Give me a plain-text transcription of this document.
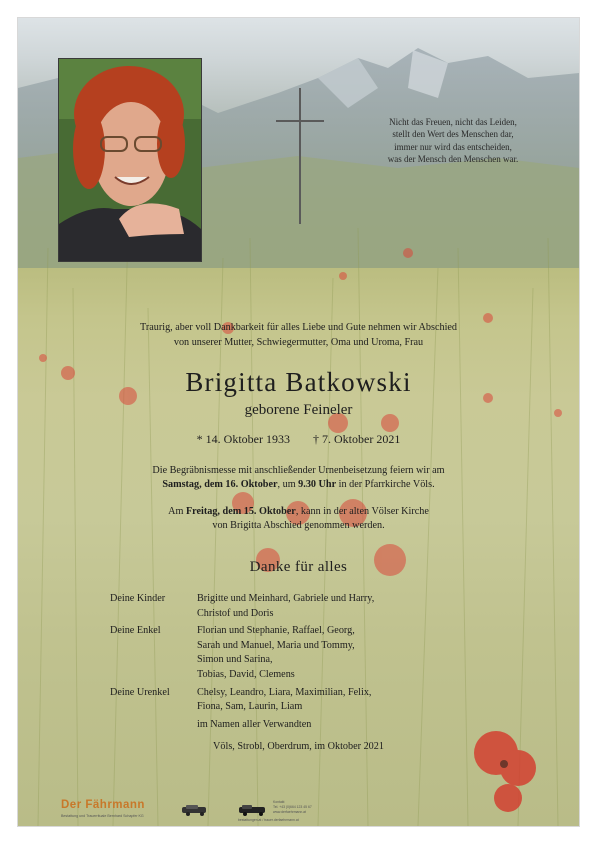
Nicht das Freuen, nicht das Leiden,
stellt den Wert des Menschen dar,
immer nur wird das entscheiden,
was der Mensch den Menschen war.
Traurig, aber voll Dankbarkeit für alles Liebe und Gute nehmen wir Abschied
von unserer Mutter, Schwiegermutter, Oma und Uroma, Frau
Brigitta Batkowski
geborene Feineler
* 14. Oktober 1933 † 7. Oktober 2021
Die Begräbnismesse mit anschließender Urnenbeisetzung feiern wir am
Samstag, dem 16. Oktober, um 9.30 Uhr in der Pfarrkirche Völs.
Am Freitag, dem 15. Oktober, kann in der alten Völser Kirche
von Brigitta Abschied genommen werden.
Danke für alles
Deine Kinder	Brigitte und Meinhard, Gabriele und Harry,
Christof und Doris
Deine Enkel	Florian und Stephanie, Raffael, Georg,
Sarah und Manuel, Maria und Tommy,
Simon und Sarina,
Tobias, David, Clemens
Deine Urenkel	Chelsy, Leandro, Liara, Maximilian, Felix,
Fiona, Sam, Laurin, Liam
im Namen aller Verwandten
Völs, Strobl, Oberdrum, im Oktober 2021
Der Fährmann
Bestattung und Trauerrituale Bernhard Schapfer KG
Kontakt
Tel. +43 (0)664 123 45 67
www.derfaehrmann.at
bestattungen.at / trauer.derfaehrmann.at
